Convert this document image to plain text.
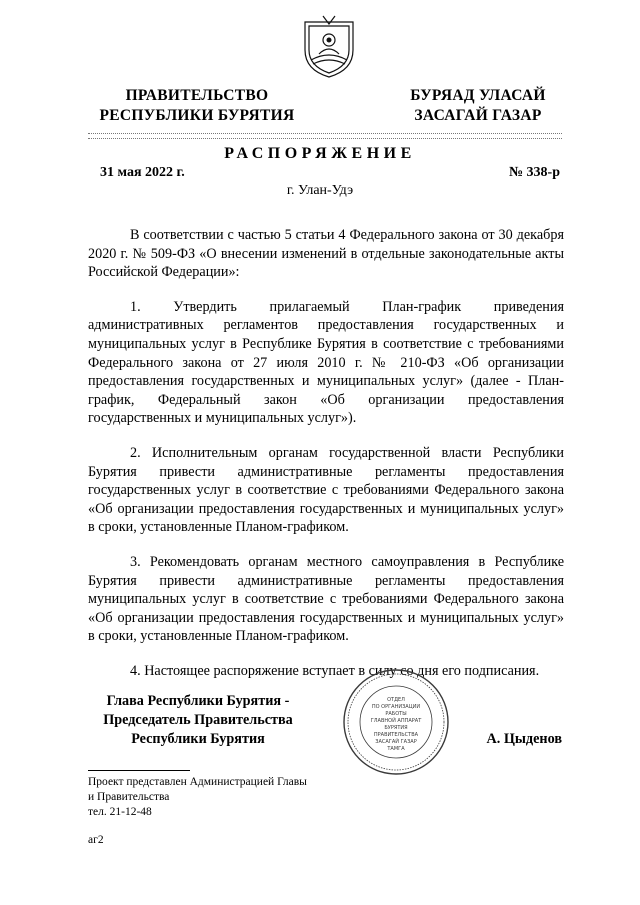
ПРАВИТЕЛЬСТВО
РЕСПУБЛИКИ БУРЯТИЯ
БУРЯАД УЛАСАЙ
ЗАСАГАЙ ГАЗАР
РАСПОРЯЖЕНИЕ
31 мая 2022 г.	№ 338-р
г. Улан-Удэ

В соответствии с частью 5 статьи 4 Федерального закона от 30 декабря 2020 г. № 509-ФЗ «О внесении изменений в отдельные законодательные акты Российской Федерации»:

1. Утвердить прилагаемый План-график приведения административных регламентов предоставления государственных и муниципальных услуг в Республике Бурятия в соответствие с требованиями Федерального закона от 27 июля 2010 г. № 210-ФЗ «Об организации предоставления государственных и муниципальных услуг» (далее - План-график, Федеральный закон «Об организации предоставления государственных и муниципальных услуг»).

2. Исполнительным органам государственной власти Республики Бурятия привести административные регламенты предоставления государственных услуг в соответствие с требованиями Федерального закона «Об организации предоставления государственных и муниципальных услуг» в сроки, установленные Планом-графиком.

3. Рекомендовать органам местного самоуправления в Республике Бурятия привести административные регламенты предоставления муниципальных услуг в соответствие с требованиями Федерального закона «Об организации предоставления государственных и муниципальных услуг» в сроки, установленные Планом-графиком.

4. Настоящее распоряжение вступает в силу со дня его подписания.

Глава Республики Бурятия -
Председатель Правительства
Республики Бурятия
ОТДЕЛ
ПО ОРГАНИЗАЦИИ
РАБОТЫ
ГЛАВНОЙ АППАРАТ
БУРЯТИЯ
ПРАВИТЕЛЬСТВА
ЗАСАГАЙ ГАЗАР
ТАМГА
А. Цыденов
Проект представлен Администрацией Главы
и Правительства
тел. 21-12-48
аг2
